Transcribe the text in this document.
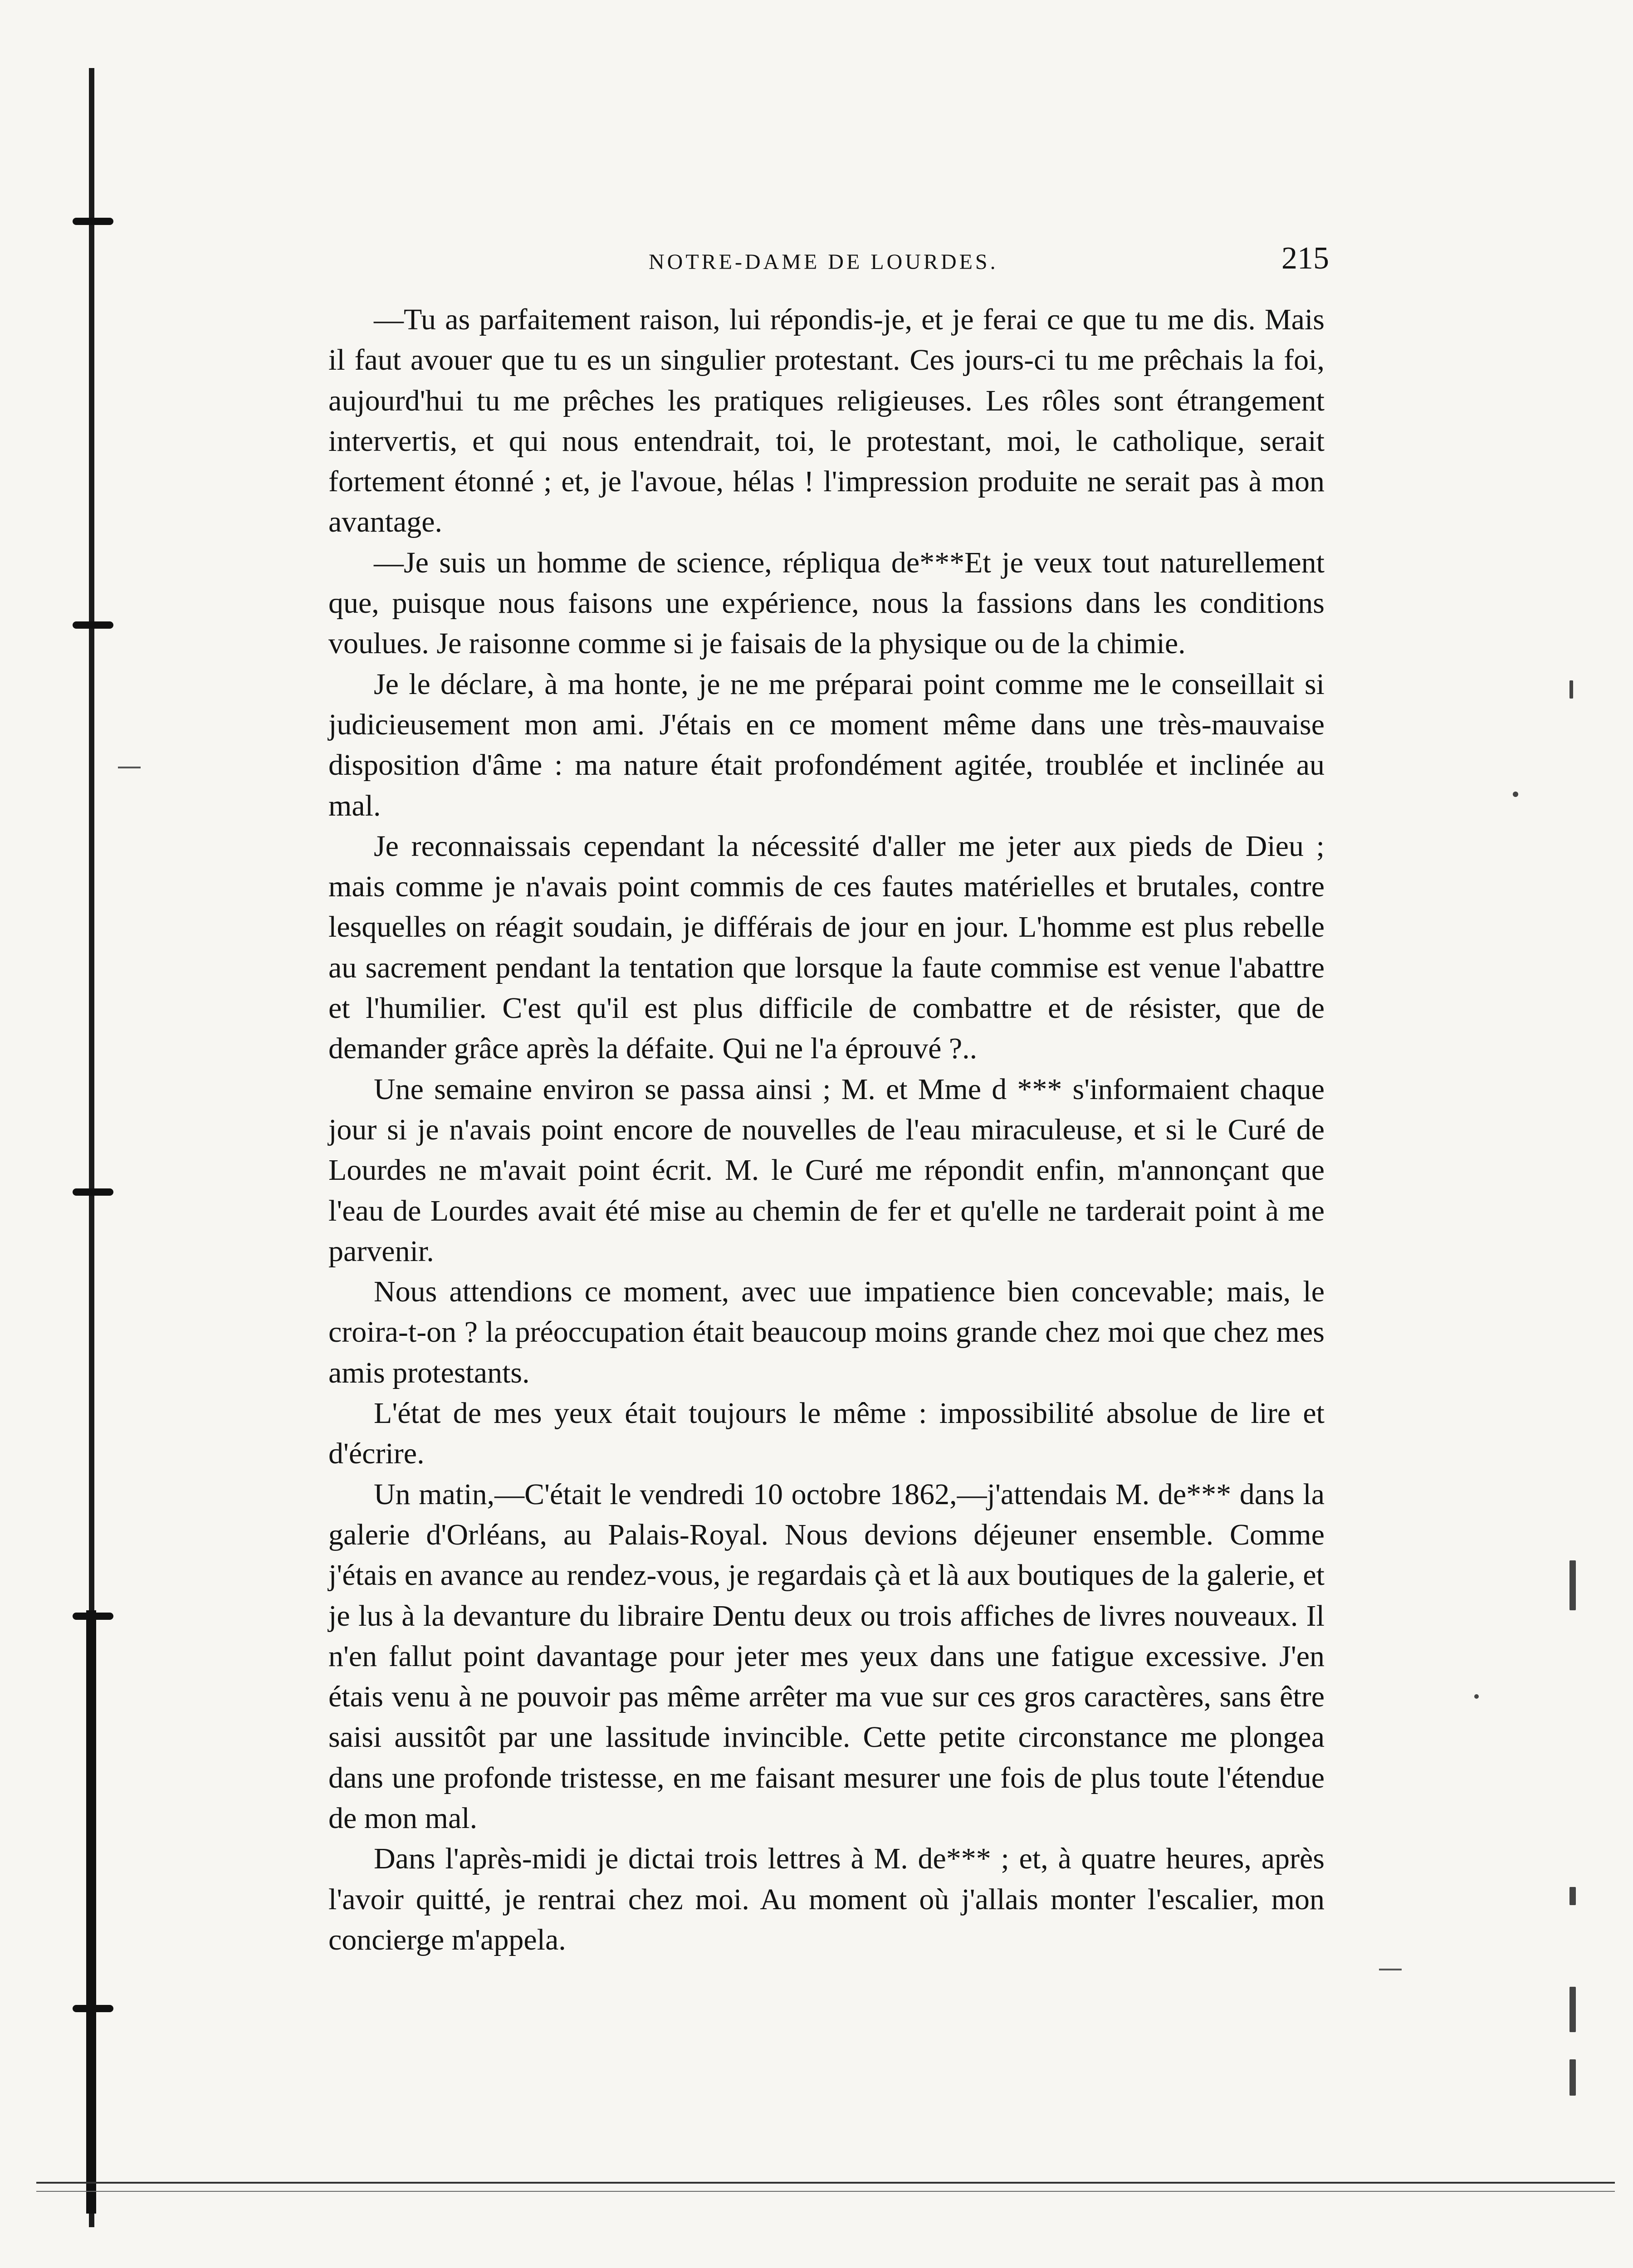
NOTRE-DAME DE LOURDES.	215

—Tu as parfaitement raison, lui répondis-je, et je ferai ce que tu me dis. Mais il faut avouer que tu es un singulier protestant. Ces jours-ci tu me prêchais la foi, aujourd'hui tu me prêches les pratiques religieuses. Les rôles sont étrangement intervertis, et qui nous entendrait, toi, le protestant, moi, le catholique, serait fortement étonné ; et, je l'avoue, hélas ! l'impression produite ne serait pas à mon avantage.

—Je suis un homme de science, répliqua de***Et je veux tout naturellement que, puisque nous faisons une expérience, nous la fassions dans les conditions voulues. Je raisonne comme si je faisais de la physique ou de la chimie.

Je le déclare, à ma honte, je ne me préparai point comme me le conseillait si judicieusement mon ami. J'étais en ce moment même dans une très-mauvaise disposition d'âme : ma nature était profondément agitée, troublée et inclinée au mal.

Je reconnaissais cependant la nécessité d'aller me jeter aux pieds de Dieu ; mais comme je n'avais point commis de ces fautes matérielles et brutales, contre lesquelles on réagit soudain, je différais de jour en jour. L'homme est plus rebelle au sacrement pendant la tentation que lorsque la faute commise est venue l'abattre et l'humilier. C'est qu'il est plus difficile de combattre et de résister, que de demander grâce après la défaite. Qui ne l'a éprouvé ?..

Une semaine environ se passa ainsi ; M. et Mme d *** s'informaient chaque jour si je n'avais point encore de nouvelles de l'eau miraculeuse, et si le Curé de Lourdes ne m'avait point écrit. M. le Curé me répondit enfin, m'annonçant que l'eau de Lourdes avait été mise au chemin de fer et qu'elle ne tarderait point à me parvenir.

Nous attendions ce moment, avec uue impatience bien concevable; mais, le croira-t-on ? la préoccupation était beaucoup moins grande chez moi que chez mes amis protestants.

L'état de mes yeux était toujours le même : impossibilité absolue de lire et d'écrire.

Un matin,—C'était le vendredi 10 octobre 1862,—j'attendais M. de*** dans la galerie d'Orléans, au Palais-Royal. Nous devions déjeuner ensemble. Comme j'étais en avance au rendez-vous, je regardais çà et là aux boutiques de la galerie, et je lus à la devanture du libraire Dentu deux ou trois affiches de livres nouveaux. Il n'en fallut point davantage pour jeter mes yeux dans une fatigue excessive. J'en étais venu à ne pouvoir pas même arrêter ma vue sur ces gros caractères, sans être saisi aussitôt par une lassitude invincible. Cette petite circonstance me plongea dans une profonde tristesse, en me faisant mesurer une fois de plus toute l'étendue de mon mal.

Dans l'après-midi je dictai trois lettres à M. de*** ; et, à quatre heures, après l'avoir quitté, je rentrai chez moi. Au moment où j'allais monter l'escalier, mon concierge m'appela.
